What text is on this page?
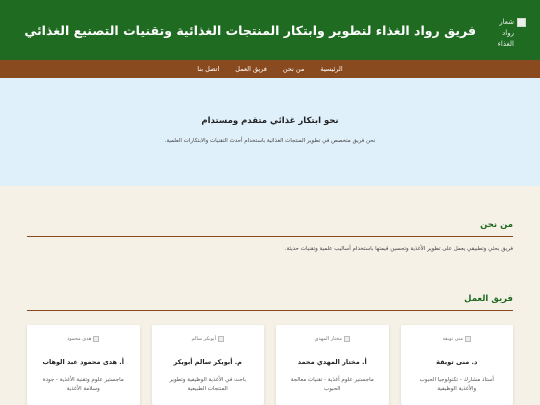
شعار رواد الغذاء
فريق رواد الغذاء لتطوير وابتكار المنتجات الغذائية وتقنيات التصنيع الغذائي
الرئيسية
من نحن
فريق العمل
اتصل بنا
نحو ابتكار غذائي متقدم ومستدام

نحن فريق متخصص في تطوير المنتجات الغذائية باستخدام أحدث التقنيات والابتكارات العلمية.

من نحن

فريق بحثي وتطبيقي يعمل على تطوير الأغذية وتحسين قيمتها باستخدام أساليب علمية وتقنيات حديثة.

فريق العمل
منى توبقة
د. منى توبقة
أستاذ مشارك - تكنولوجيا الحبوب والأغذية الوظيفية
مختار المهدي
أ. مختار المهدي محمد
ماجستير علوم أغذية - تقنيات معالجة الحبوب
أبوبكر سالم
م. أبوبكر سالم أبوبكر
باحث في الأغذية الوظيفية وتطوير المنتجات الطبيعية
هدى محمود
أ. هدى محمود عبد الوهاب
ماجستير علوم وتقنية الأغذية - جودة وسلامة الأغذية
